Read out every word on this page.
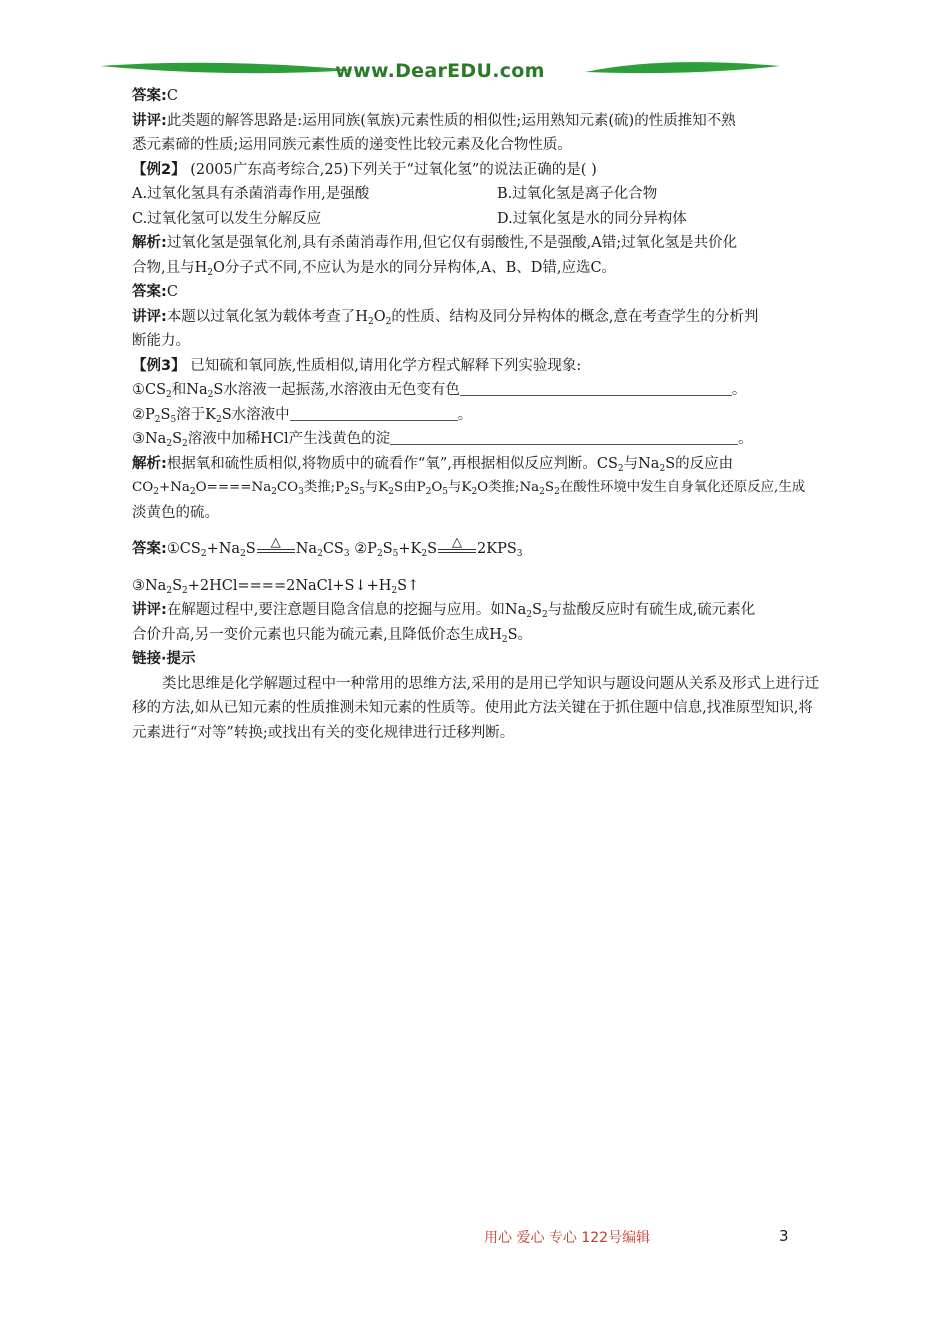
www.DearEDU.com
答案:C
讲评:此类题的解答思路是:运用同族(氧族)元素性质的相似性;运用熟知元素(硫)的性质推知不熟
悉元素碲的性质;运用同族元素性质的递变性比较元素及化合物性质。
【例2】 (2005广东高考综合,25)下列关于“过氧化氢”的说法正确的是( )
A.过氧化氢具有杀菌消毒作用,是强酸	B.过氧化氢是离子化合物
C.过氧化氢可以发生分解反应	D.过氧化氢是水的同分异构体
解析:过氧化氢是强氧化剂,具有杀菌消毒作用,但它仅有弱酸性,不是强酸,A错;过氧化氢是共价化
合物,且与$H_2O$分子式不同,不应认为是水的同分异构体,A、B、D错,应选C。
答案:C
讲评:本题以过氧化氢为载体考查了$H_2O_2$的性质、结构及同分异构体的概念,意在考查学生的分析判
断能力。
【例3】 已知硫和氧同族,性质相似,请用化学方程式解释下列实验现象:
$①CS_2$和$Na_2S$水溶液一起振荡,水溶液由无色变有色	。
$②P_2S_5$溶于$K_2S$水溶液中	。
$③Na_2S_2$溶液中加稀HCl产生浅黄色的淀	。
解析:根据氧和硫性质相似,将物质中的硫看作“氧”,再根据相似反应判断。$CS_2$与$Na_2S$的反应由
$CO_2+Na_2O====Na_2CO_3$类推$;P_2S_5$与$K_2S$由$P_2O_5$与$K_2O$类推$;Na_2S_2$在酸性环境中发生自身氧化还原反应,生成
淡黄色的硫。
答案$:①CS_2+Na_2S$	△	$Na_2CS_3$ $②P_2S_5+K_2S$	△	$2KPS_3$
$③Na_2S_2+2HCl====2NaCl+S↓+H_2S↑$
讲评:在解题过程中,要注意题目隐含信息的挖掘与应用。如$Na_2S_2$与盐酸反应时有硫生成,硫元素化
合价升高,另一变价元素也只能为硫元素,且降低价态生成$H_2S$。
链接·提示
类比思维是化学解题过程中一种常用的思维方法,采用的是用已学知识与题设问题从关系及形式上进行迁移的方法,如从已知元素的性质推测未知元素的性质等。使用此方法关键在于抓住题中信息,找准原型知识,将元素进行“对等”转换;或找出有关的变化规律进行迁移判断。
用心 爱心 专心 122号编辑	3
